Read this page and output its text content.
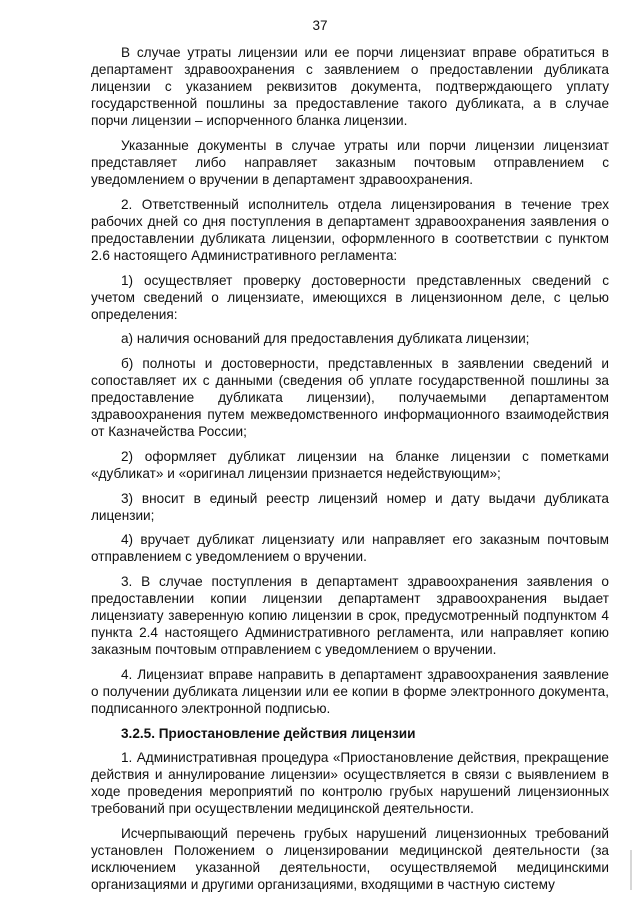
37

В случае утраты лицензии или ее порчи лицензиат вправе обратиться в департамент здравоохранения с заявлением о предоставлении дубликата лицензии с указанием реквизитов документа, подтверждающего уплату государственной пошлины за предоставление такого дубликата, а в случае порчи лицензии – испорченного бланка лицензии.

Указанные документы в случае утраты или порчи лицензии лицензиат представляет либо направляет заказным почтовым отправлением с уведомлением о вручении в департамент здравоохранения.

2. Ответственный исполнитель отдела лицензирования в течение трех рабочих дней со дня поступления в департамент здравоохранения заявления о предоставлении дубликата лицензии, оформленного в соответствии с пунктом 2.6 настоящего Административного регламента:

1) осуществляет проверку достоверности представленных сведений с учетом сведений о лицензиате, имеющихся в лицензионном деле, с целью определения:

а) наличия оснований для предоставления дубликата лицензии;

б) полноты и достоверности, представленных в заявлении сведений и сопоставляет их с данными (сведения об уплате государственной пошлины за предоставление дубликата лицензии), получаемыми департаментом здравоохранения путем межведомственного информационного взаимодействия от Казначейства России;

2) оформляет дубликат лицензии на бланке лицензии с пометками «дубликат» и «оригинал лицензии признается недействующим»;

3) вносит в единый реестр лицензий номер и дату выдачи дубликата лицензии;

4) вручает дубликат лицензиату или направляет его заказным почтовым отправлением с уведомлением о вручении.

3. В случае поступления в департамент здравоохранения заявления о предоставлении копии лицензии департамент здравоохранения выдает лицензиату заверенную копию лицензии в срок, предусмотренный подпунктом 4 пункта 2.4 настоящего Административного регламента, или направляет копию заказным почтовым отправлением с уведомлением о вручении.

4. Лицензиат вправе направить в департамент здравоохранения заявление о получении дубликата лицензии или ее копии в форме электронного документа, подписанного электронной подписью.

3.2.5. Приостановление действия лицензии

1. Административная процедура «Приостановление действия, прекращение действия и аннулирование лицензии» осуществляется в связи с выявлением в ходе проведения мероприятий по контролю грубых нарушений лицензионных требований при осуществлении медицинской деятельности.

Исчерпывающий перечень грубых нарушений лицензионных требований установлен Положением о лицензировании медицинской деятельности (за исключением указанной деятельности, осуществляемой медицинскими организациями и другими организациями, входящими в частную систему
